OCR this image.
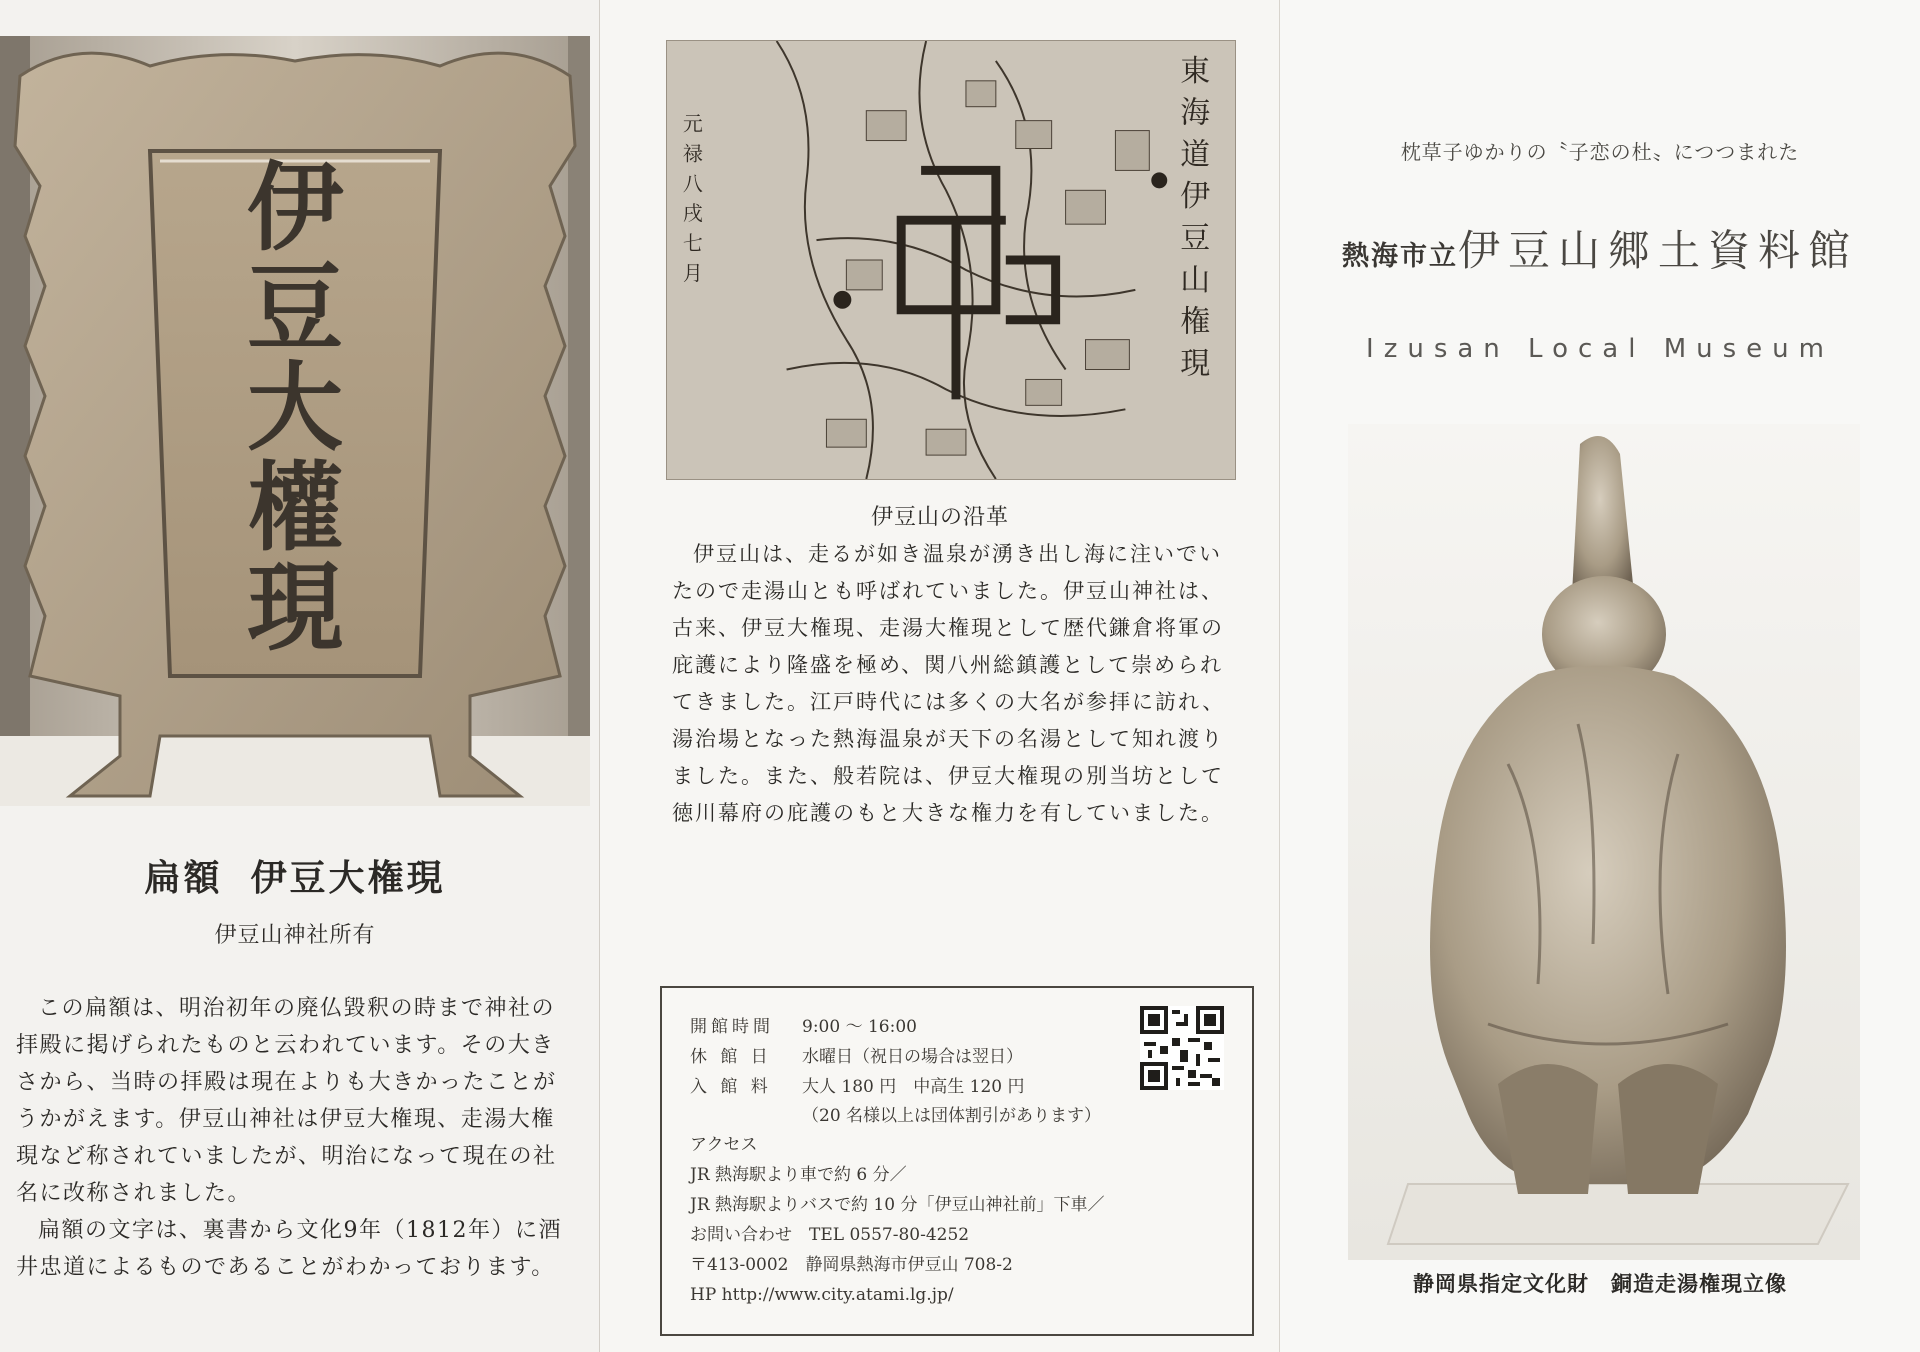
伊
豆
大
權
現
扁額 伊豆大権現
伊豆山神社所有

この扁額は、明治初年の廃仏毀釈の時まで神社の拝殿に掲げられたものと云われています。その大きさから、当時の拝殿は現在よりも大きかったことがうかがえます。伊豆山神社は伊豆大権現、走湯大権現など称されていましたが、明治になって現在の社名に改称されました。

扁額の文字は、裏書から文化9年（1812年）に酒井忠道によるものであることがわかっております。

東
海
道
伊
豆
山
権
現
元
禄
八
戌
七
月
伊豆山の沿革

伊豆山は、走るが如き温泉が湧き出し海に注いでいたので走湯山とも呼ばれていました。伊豆山神社は、古来、伊豆大権現、走湯大権現として歴代鎌倉将軍の庇護により隆盛を極め、関八州総鎮護として崇められてきました。江戸時代には多くの大名が参拝に訪れ、湯治場となった熱海温泉が天下の名湯として知れ渡りました。また、般若院は、伊豆大権現の別当坊として徳川幕府の庇護のもと大きな権力を有していました。

開館時間 9:00 ～ 16:00
休 館 日 水曜日（祝日の場合は翌日）
入 館 料 大人 180 円　中高生 120 円
（20 名様以上は団体割引があります）
アクセス
JR 熱海駅より車で約 6 分／
JR 熱海駅よりバスで約 10 分「伊豆山神社前」下車／
お問い合わせ　TEL 0557-80-4252
〒413-0002　静岡県熱海市伊豆山 708-2
HP http://www.city.atami.lg.jp/
枕草子ゆかりの〝子恋の杜〟につつまれた
熱海市立伊豆山郷土資料館
Izusan Local Museum
静岡県指定文化財　銅造走湯権現立像
